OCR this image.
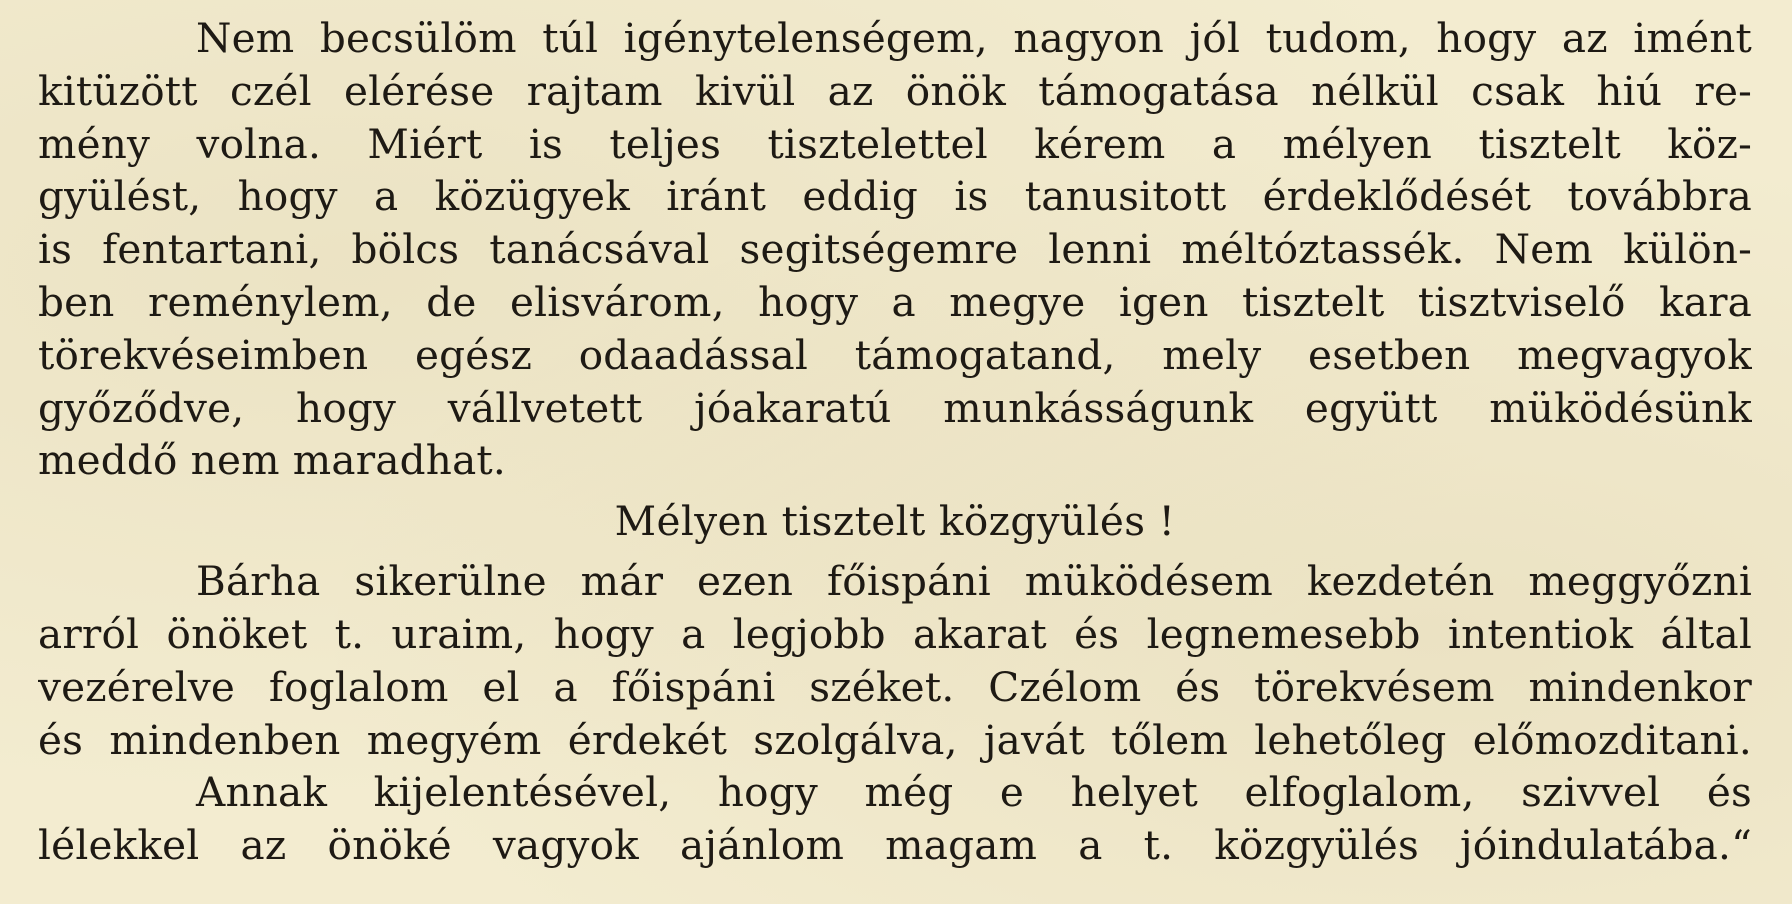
Nem becsülöm túl igénytelenségem, nagyon jól tudom, hogy az imént
kitüzött czél elérése rajtam kivül az önök támogatása nélkül csak hiú re-
mény volna. Miért is teljes tisztelettel kérem a mélyen tisztelt köz-
gyülést, hogy a közügyek iránt eddig is tanusitott érdeklődését továbbra
is fentartani, bölcs tanácsával segitségemre lenni méltóztassék. Nem külön-
ben reménylem, de elisvárom, hogy a megye igen tisztelt tisztviselő kara
törekvéseimben egész odaadással támogatand, mely esetben megvagyok
győződve, hogy vállvetett jóakaratú munkásságunk együtt müködésünk
meddő nem maradhat.
Mélyen tisztelt közgyülés !
Bárha sikerülne már ezen főispáni müködésem kezdetén meggyőzni
arról önöket t. uraim, hogy a legjobb akarat és legnemesebb intentiok által
vezérelve foglalom el a főispáni széket. Czélom és törekvésem mindenkor
és mindenben megyém érdekét szolgálva, javát tőlem lehetőleg előmozditani.
Annak kijelentésével, hogy még e helyet elfoglalom, szivvel és
lélekkel az önöké vagyok ajánlom magam a t. közgyülés jóindulatába.“
